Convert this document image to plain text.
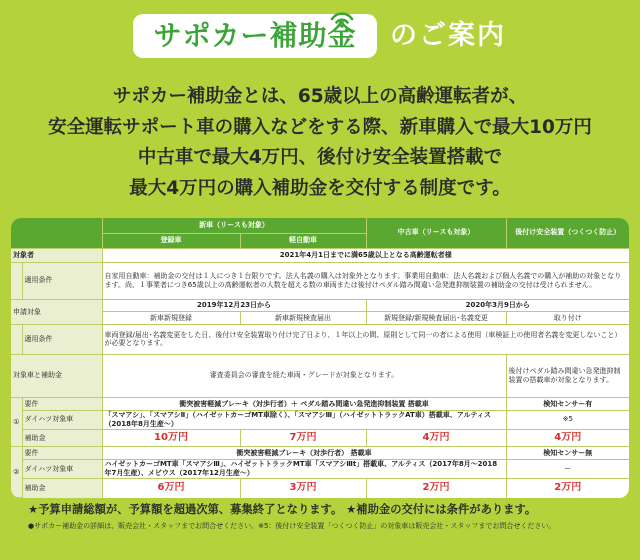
サポカー補助金	のご案内
サポカー補助金とは、65歳以上の高齢運転者が、
安全運転サポート車の購入などをする際、新車購入で最大10万円
中古車で最大4万円、後付け安全装置搭載で
最大4万円の購入補助金を交付する制度です。
		新車（リースも対象）		中古車（リースも対象）	後付け安全装置（つくつく防止）
		登録車	軽自動車		
対象者		2021年4月1日までに満65歳以上となる高齢運転者様			
	適用条件	自家用自動車：補助金の交付は１人につき１台限りです。法人名義の購入は対象外となります。事業用自動車：法人名義および個人名義での購入が補助の対象となります。尚、１事業者につき65歳以上の高齢運転者の人数を超える数の車両または後付けペダル踏み間違い急発進抑制装置の補助金の交付は受けられません。			
申請対象		2019年12月23日から		2020年3月9日から	
		新車新規登録	新車新規検査届出	新規登録/新規検査届出･名義変更	取り付け
	適用条件	車両登録/届出･名義変更をした日、後付け安全装置取り付け完了日より、１年以上の間、原則として同一の者による使用（車検証上の使用者名義を変更しないこと）が必要となります。			
対象車と補助金		審査委員会の審査を経た車両・グレードが対象となります。			後付けペダル踏み間違い急発進抑制装置の搭載車が対象となります。
①	要件	衝突被害軽減ブレーキ（対歩行者）＋ ペダル踏み間違い急発進抑制装置 搭載車			検知センサー有
	ダイハツ対象車	「スマアシ」、「スマアシⅡ」（ハイゼットカーゴMT車除く）、「スマアシⅢ」（ハイゼットトラックAT車）搭載車、アルティス（2018年8月生産～）			※5
	補助金	10万円	7万円	4万円	4万円
②	要件	衝突被害軽減ブレーキ（対歩行者） 搭載車			検知センサー無
	ダイハツ対象車	ハイゼットカーゴMT車「スマアシⅢ」、ハイゼットトラックMT車「スマアシⅢt」搭載車、アルティス（2017年8月～2018年7月生産）、メビウス（2017年12月生産～）			ー
	補助金	6万円	3万円	2万円	2万円
★予算申請総額が、予算額を超過次第、募集終了となります。 ★補助金の交付には条件があります。
●サポカー補助金の詳細は、販売会社・スタッフまでお問合せください。※5：後付け安全装置「つくつく防止」の対象車は販売会社・スタッフまでお問合せください。
